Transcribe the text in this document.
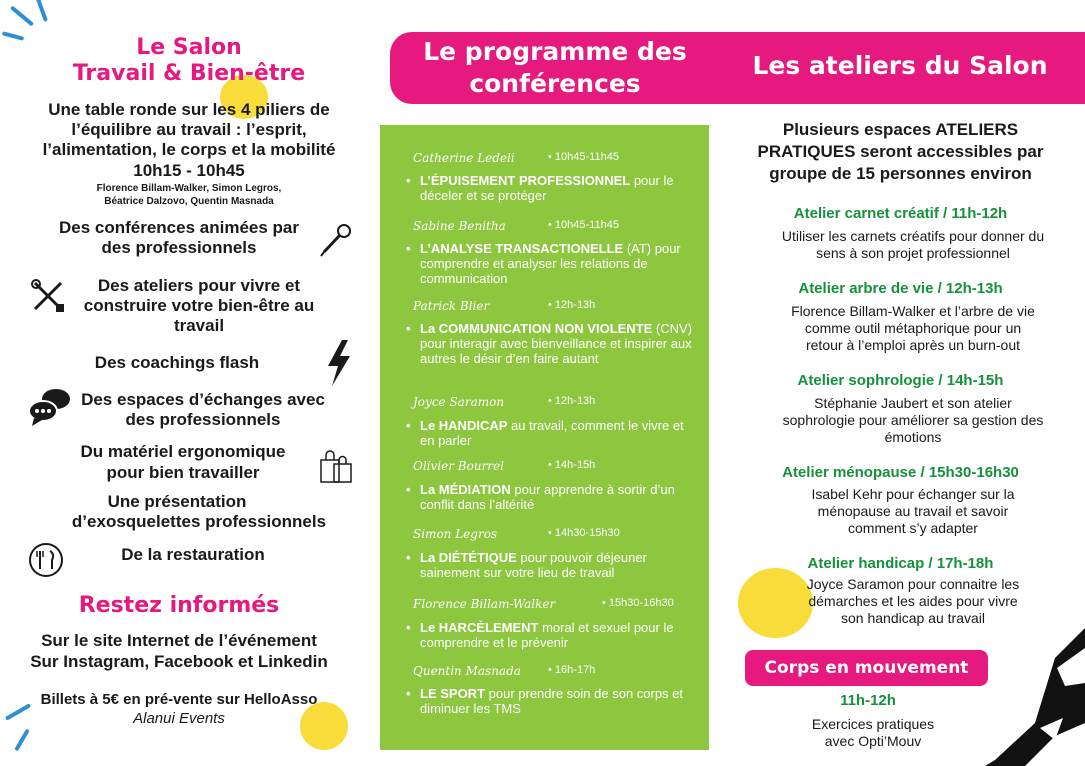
Le Salon
Travail & Bien-être
Une table ronde sur les 4 piliers de
l’équilibre au travail : l’esprit,
l’alimentation, le corps et la mobilité
10h15 - 10h45
Florence Billam-Walker, Simon Legros,
Béatrice Dalzovo, Quentin Masnada
Des conférences animées par
des professionnels
Des ateliers pour vivre et
construire votre bien-être au
travail
Des coachings flash
Des espaces d’échanges avec
des professionnels
Du matériel ergonomique
pour bien travailler
Une présentation
d’exosquelettes professionnels
De la restauration
Restez informés
Sur le site Internet de l’événement
Sur Instagram, Facebook et Linkedin
Billets à 5€ en pré-vente sur HelloAsso
Alanui Events
Le programme des
conférences
Les ateliers du Salon
Catherine Ledeli	• 10h45-11h45
• L’ÉPUISEMENT PROFESSIONNEL pour le déceler et se protéger
Sabine Benitha	• 10h45-11h45
• L’ANALYSE TRANSACTIONELLE (AT) pour comprendre et analyser les relations de communication
Patrick Blier	• 12h-13h
• La COMMUNICATION NON VIOLENTE (CNV) pour interagir avec bienveillance et inspirer aux autres le désir d’en faire autant
Joyce Saramon	• 12h-13h
• Le HANDICAP au travail, comment le vivre et en parler
Olivier Bourrel	• 14h-15h
• La MÉDIATION pour apprendre à sortir d’un conflit dans l’altérité
Simon Legros	• 14h30-15h30
• La DIÉTÉTIQUE pour pouvoir déjeuner sainement sur votre lieu de travail
Florence Billam-Walker	• 15h30-16h30
• Le HARCÈLEMENT moral et sexuel pour le comprendre et le prévenir
Quentin Masnada	• 16h-17h
• LE SPORT pour prendre soin de son corps et diminuer les TMS
Plusieurs espaces ATELIERS
PRATIQUES seront accessibles par
groupe de 15 personnes environ
Atelier carnet créatif / 11h-12h
Utiliser les carnets créatifs pour donner du
sens à son projet professionnel
Atelier arbre de vie / 12h-13h
Florence Billam-Walker et l’arbre de vie
comme outil métaphorique pour un
retour à l’emploi après un burn-out
Atelier sophrologie / 14h-15h
Stéphanie Jaubert et son atelier
sophrologie pour améliorer sa gestion des
émotions
Atelier ménopause / 15h30-16h30
Isabel Kehr pour échanger sur la
ménopause au travail et savoir
comment s’y adapter
Atelier handicap / 17h-18h
Joyce Saramon pour connaitre les
démarches et les aides pour vivre
son handicap au travail
Corps en mouvement
11h-12h
Exercices pratiques
avec Opti’Mouv
